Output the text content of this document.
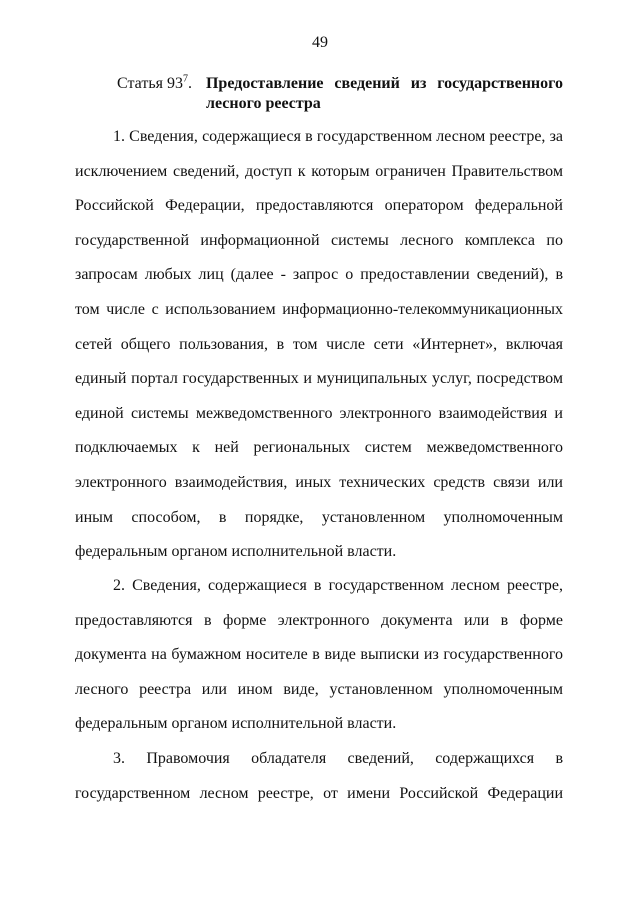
49
Статья $93^7$. Предоставление сведений из государственного лесного реестра

1. Сведения, содержащиеся в государственном лесном реестре, за исключением сведений, доступ к которым ограничен Правительством Российской Федерации, предоставляются оператором федеральной государственной информационной системы лесного комплекса по запросам любых лиц (далее - запрос о предоставлении сведений), в том числе с использованием информационно-телекоммуникационных сетей общего пользования, в том числе сети «Интернет», включая единый портал государственных и муниципальных услуг, посредством единой системы межведомственного электронного взаимодействия и подключаемых к ней региональных систем межведомственного электронного взаимодействия, иных технических средств связи или иным способом, в порядке, установленном уполномоченным федеральным органом исполнительной власти.

2. Сведения, содержащиеся в государственном лесном реестре, предоставляются в форме электронного документа или в форме документа на бумажном носителе в виде выписки из государственного лесного реестра или ином виде, установленном уполномоченным федеральным органом исполнительной власти.

3. Правомочия обладателя сведений, содержащихся в государственном лесном реестре, от имени Российской Федерации
